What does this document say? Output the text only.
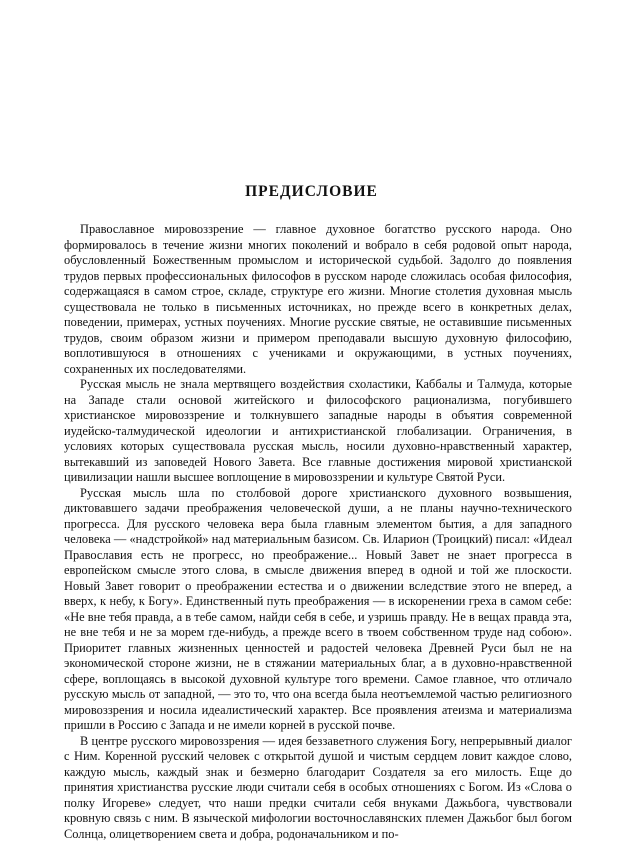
ПРЕДИСЛОВИЕ

Православное мировоззрение — главное духовное богатство русского народа. Оно формировалось в течение жизни многих поколений и вобрало в себя родовой опыт народа, обусловленный Божественным промыслом и исторической судьбой. Задолго до появления трудов первых профессиональных философов в русском народе сложилась особая философия, содержащаяся в самом строе, складе, структуре его жизни. Многие столетия духовная мысль существовала не только в письменных источниках, но прежде всего в конкретных делах, поведении, примерах, устных поучениях. Многие русские святые, не оставившие письменных трудов, своим образом жизни и примером преподавали высшую духовную философию, воплотившуюся в отношениях с учениками и окружающими, в устных поучениях, сохраненных их последователями.

Русская мысль не знала мертвящего воздействия схоластики, Каббалы и Талмуда, которые на Западе стали основой житейского и философского рационализма, погубившего христианское мировоззрение и толкнувшего западные народы в объятия современной иудейско-талмудической идеологии и антихристианской глобализации. Ограничения, в условиях которых существовала русская мысль, носили духовно-нравственный характер, вытекавший из заповедей Нового Завета. Все главные достижения мировой христианской цивилизации нашли высшее воплощение в мировоззрении и культуре Святой Руси.

Русская мысль шла по столбовой дороге христианского духовного возвышения, диктовавшего задачи преображения человеческой души, а не планы научно-технического прогресса. Для русского человека вера была главным элементом бытия, а для западного человека — «надстройкой» над материальным базисом. Св. Иларион (Троицкий) писал: «Идеал Православия есть не прогресс, но преображение... Новый Завет не знает прогресса в европейском смысле этого слова, в смысле движения вперед в одной и той же плоскости. Новый Завет говорит о преображении естества и о движении вследствие этого не вперед, а вверх, к небу, к Богу». Единственный путь преображения — в искоренении греха в самом себе: «Не вне тебя правда, а в тебе самом, найди себя в себе, и узришь правду. Не в вещах правда эта, не вне тебя и не за морем где-нибудь, а прежде всего в твоем собственном труде над собою». Приоритет главных жизненных ценностей и радостей человека Древней Руси был не на экономической стороне жизни, не в стяжании материальных благ, а в духовно-нравственной сфере, воплощаясь в высокой духовной культуре того времени. Самое главное, что отличало русскую мысль от западной, — это то, что она всегда была неотъемлемой частью религиозного мировоззрения и носила идеалистический характер. Все проявления атеизма и материализма пришли в Россию с Запада и не имели корней в русской почве.

В центре русского мировоззрения — идея беззаветного служения Богу, непрерывный диалог с Ним. Коренной русский человек с открытой душой и чистым сердцем ловит каждое слово, каждую мысль, каждый знак и безмерно благодарит Создателя за его милость. Еще до принятия христианства русские люди считали себя в особых отношениях с Богом. Из «Слова о полку Игореве» следует, что наши предки считали себя внуками Дажьбога, чувствовали кровную связь с ним. В языческой мифологии восточнославянских племен Дажьбог был богом Солнца, олицетворением света и добра, родоначальником и по-
